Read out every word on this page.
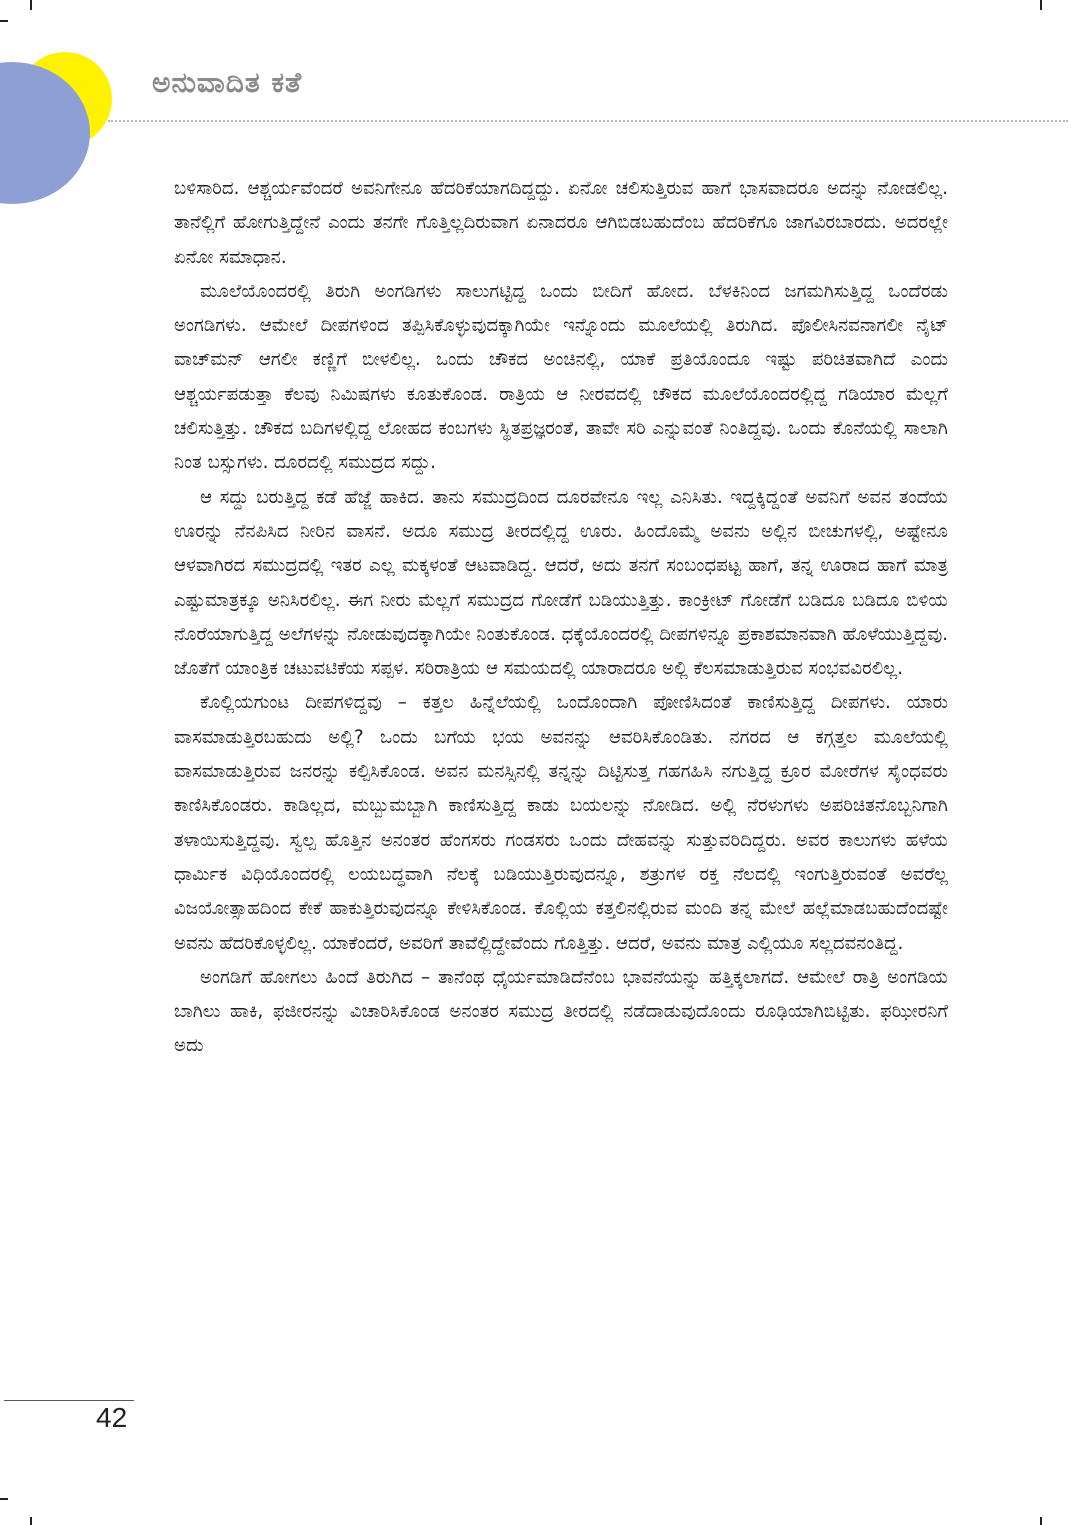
ಅನುವಾದಿತ ಕತೆ

ಬಳಿಸಾರಿದ. ಆಶ್ಚರ್ಯವೆಂದರೆ ಅವನಿಗೇನೂ ಹೆದರಿಕೆಯಾಗದಿದ್ದದ್ದು. ಏನೋ ಚಲಿಸುತ್ತಿರುವ ಹಾಗೆ ಭಾಸವಾದರೂ ಅದನ್ನು ನೋಡಲಿಲ್ಲ. ತಾನೆಲ್ಲಿಗೆ ಹೋಗುತ್ತಿದ್ದೇನೆ ಎಂದು ತನಗೇ ಗೊತ್ತಿಲ್ಲದಿರುವಾಗ ಏನಾದರೂ ಆಗಿಬಿಡಬಹುದೆಂಬ ಹೆದರಿಕೆಗೂ ಜಾಗವಿರಬಾರದು. ಅದರಲ್ಲೇ ಏನೋ ಸಮಾಧಾನ.

ಮೂಲೆಯೊಂದರಲ್ಲಿ ತಿರುಗಿ ಅಂಗಡಿಗಳು ಸಾಲುಗಟ್ಟಿದ್ದ ಒಂದು ಬೀದಿಗೆ ಹೋದ. ಬೆಳಕಿನಿಂದ ಜಗಮಗಿಸುತ್ತಿದ್ದ ಒಂದೆರಡು ಅಂಗಡಿಗಳು. ಆಮೇಲೆ ದೀಪಗಳಿಂದ ತಪ್ಪಿಸಿಕೊಳ್ಳುವುದಕ್ಕಾಗಿಯೇ ಇನ್ನೊಂದು ಮೂಲೆಯಲ್ಲಿ ತಿರುಗಿದ. ಪೊಲೀಸಿನವನಾಗಲೀ ನೈಟ್ ವಾಚ್‌ಮನ್ ಆಗಲೀ ಕಣ್ಣಿಗೆ ಬೀಳಲಿಲ್ಲ. ಒಂದು ಚೌಕದ ಅಂಚಿನಲ್ಲಿ, ಯಾಕೆ ಪ್ರತಿಯೊಂದೂ ಇಷ್ಟು ಪರಿಚಿತವಾಗಿದೆ ಎಂದು ಆಶ್ಚರ್ಯಪಡುತ್ತಾ ಕೆಲವು ನಿಮಿಷಗಳು ಕೂತುಕೊಂಡ. ರಾತ್ರಿಯ ಆ ನೀರವದಲ್ಲಿ ಚೌಕದ ಮೂಲೆಯೊಂದರಲ್ಲಿದ್ದ ಗಡಿಯಾರ ಮೆಲ್ಲಗೆ ಚಲಿಸುತ್ತಿತ್ತು. ಚೌಕದ ಬದಿಗಳಲ್ಲಿದ್ದ ಲೋಹದ ಕಂಬಗಳು ಸ್ಥಿತಪ್ರಜ್ಞರಂತೆ, ತಾವೇ ಸರಿ ಎನ್ನುವಂತೆ ನಿಂತಿದ್ದವು. ಒಂದು ಕೊನೆಯಲ್ಲಿ ಸಾಲಾಗಿ ನಿಂತ ಬಸ್ಸುಗಳು. ದೂರದಲ್ಲಿ ಸಮುದ್ರದ ಸದ್ದು.

ಆ ಸದ್ದು ಬರುತ್ತಿದ್ದ ಕಡೆ ಹೆಜ್ಜೆ ಹಾಕಿದ. ತಾನು ಸಮುದ್ರದಿಂದ ದೂರವೇನೂ ಇಲ್ಲ ಎನಿಸಿತು. ಇದ್ದಕ್ಕಿದ್ದಂತೆ ಅವನಿಗೆ ಅವನ ತಂದೆಯ ಊರನ್ನು ನೆನಪಿಸಿದ ನೀರಿನ ವಾಸನೆ. ಅದೂ ಸಮುದ್ರ ತೀರದಲ್ಲಿದ್ದ ಊರು. ಹಿಂದೊಮ್ಮೆ ಅವನು ಅಲ್ಲಿನ ಬೀಚುಗಳಲ್ಲಿ, ಅಷ್ಟೇನೂ ಆಳವಾಗಿರದ ಸಮುದ್ರದಲ್ಲಿ ಇತರ ಎಲ್ಲ ಮಕ್ಕಳಂತೆ ಆಟವಾಡಿದ್ದ. ಆದರೆ, ಅದು ತನಗೆ ಸಂಬಂಧಪಟ್ಟ ಹಾಗೆ, ತನ್ನ ಊರಾದ ಹಾಗೆ ಮಾತ್ರ ಎಷ್ಟುಮಾತ್ರಕ್ಕೂ ಅನಿಸಿರಲಿಲ್ಲ. ಈಗ ನೀರು ಮೆಲ್ಲಗೆ ಸಮುದ್ರದ ಗೋಡೆಗೆ ಬಡಿಯುತ್ತಿತ್ತು. ಕಾಂಕ್ರೀಟ್ ಗೋಡೆಗೆ ಬಡಿದೂ ಬಡಿದೂ ಬಿಳಿಯ ನೊರೆಯಾಗುತ್ತಿದ್ದ ಅಲೆಗಳನ್ನು ನೋಡುವುದಕ್ಕಾಗಿಯೇ ನಿಂತುಕೊಂಡ. ಧಕ್ಕೆಯೊಂದರಲ್ಲಿ ದೀಪಗಳಿನ್ನೂ ಪ್ರಕಾಶಮಾನವಾಗಿ ಹೊಳೆಯುತ್ತಿದ್ದವು. ಜೊತೆಗೆ ಯಾಂತ್ರಿಕ ಚಟುವಟಿಕೆಯ ಸಪ್ಪಳ. ಸರಿರಾತ್ರಿಯ ಆ ಸಮಯದಲ್ಲಿ ಯಾರಾದರೂ ಅಲ್ಲಿ ಕೆಲಸಮಾಡುತ್ತಿರುವ ಸಂಭವವಿರಲಿಲ್ಲ.

ಕೊಲ್ಲಿಯಗುಂಟ ದೀಪಗಳಿದ್ದವು – ಕತ್ತಲ ಹಿನ್ನೆಲೆಯಲ್ಲಿ ಒಂದೊಂದಾಗಿ ಪೋಣಿಸಿದಂತೆ ಕಾಣಿಸುತ್ತಿದ್ದ ದೀಪಗಳು. ಯಾರು ವಾಸಮಾಡುತ್ತಿರಬಹುದು ಅಲ್ಲಿ? ಒಂದು ಬಗೆಯ ಭಯ ಅವನನ್ನು ಆವರಿಸಿಕೊಂಡಿತು. ನಗರದ ಆ ಕಗ್ಗತ್ತಲ ಮೂಲೆಯಲ್ಲಿ ವಾಸಮಾಡುತ್ತಿರುವ ಜನರನ್ನು ಕಲ್ಪಿಸಿಕೊಂಡ. ಅವನ ಮನಸ್ಸಿನಲ್ಲಿ ತನ್ನನ್ನು ದಿಟ್ಟಿಸುತ್ತ ಗಹಗಹಿಸಿ ನಗುತ್ತಿದ್ದ ಕ್ರೂರ ಮೋರೆಗಳ ಸೈಂಧವರು ಕಾಣಿಸಿಕೊಂಡರು. ಕಾಡಿಲ್ಲದ, ಮಬ್ಬುಮಬ್ಬಾಗಿ ಕಾಣಿಸುತ್ತಿದ್ದ ಕಾಡು ಬಯಲನ್ನು ನೋಡಿದ. ಅಲ್ಲಿ ನೆರಳುಗಳು ಅಪರಿಚಿತನೊಬ್ಬನಿಗಾಗಿ ತಳಾಯಿಸುತ್ತಿದ್ದವು. ಸ್ವಲ್ಪ ಹೊತ್ತಿನ ಅನಂತರ ಹೆಂಗಸರು ಗಂಡಸರು ಒಂದು ದೇಹವನ್ನು ಸುತ್ತುವರಿದಿದ್ದರು. ಅವರ ಕಾಲುಗಳು ಹಳೆಯ ಧಾರ್ಮಿಕ ವಿಧಿಯೊಂದರಲ್ಲಿ ಲಯಬದ್ಧವಾಗಿ ನೆಲಕ್ಕೆ ಬಡಿಯುತ್ತಿರುವುದನ್ನೂ, ಶತ್ರುಗಳ ರಕ್ತ ನೆಲದಲ್ಲಿ ಇಂಗುತ್ತಿರುವಂತೆ ಅವರೆಲ್ಲ ವಿಜಯೋತ್ಸಾಹದಿಂದ ಕೇಕೆ ಹಾಕುತ್ತಿರುವುದನ್ನೂ ಕೇಳಿಸಿಕೊಂಡ. ಕೊಲ್ಲಿಯ ಕತ್ತಲಿನಲ್ಲಿರುವ ಮಂದಿ ತನ್ನ ಮೇಲೆ ಹಲ್ಲೆಮಾಡಬಹುದೆಂದಷ್ಟೇ ಅವನು ಹೆದರಿಕೊಳ್ಳಲಿಲ್ಲ. ಯಾಕೆಂದರೆ, ಅವರಿಗೆ ತಾವೆಲ್ಲಿದ್ದೇವೆಂದು ಗೊತ್ತಿತ್ತು. ಆದರೆ, ಅವನು ಮಾತ್ರ ಎಲ್ಲಿಯೂ ಸಲ್ಲದವನಂತಿದ್ದ.

ಅಂಗಡಿಗೆ ಹೋಗಲು ಹಿಂದೆ ತಿರುಗಿದ – ತಾನೆಂಥ ಧೈರ್ಯಮಾಡಿದೆನೆಂಬ ಭಾವನೆಯನ್ನು ಹತ್ತಿಕ್ಕಲಾಗದೆ. ಆಮೇಲೆ ರಾತ್ರಿ ಅಂಗಡಿಯ ಬಾಗಿಲು ಹಾಕಿ, ಫಜೀರನನ್ನು ವಿಚಾರಿಸಿಕೊಂಡ ಅನಂತರ ಸಮುದ್ರ ತೀರದಲ್ಲಿ ನಡೆದಾಡುವುದೊಂದು ರೂಢಿಯಾಗಿಬಿಟ್ಟಿತು. ಫಝೀರನಿಗೆ ಅದು

42
